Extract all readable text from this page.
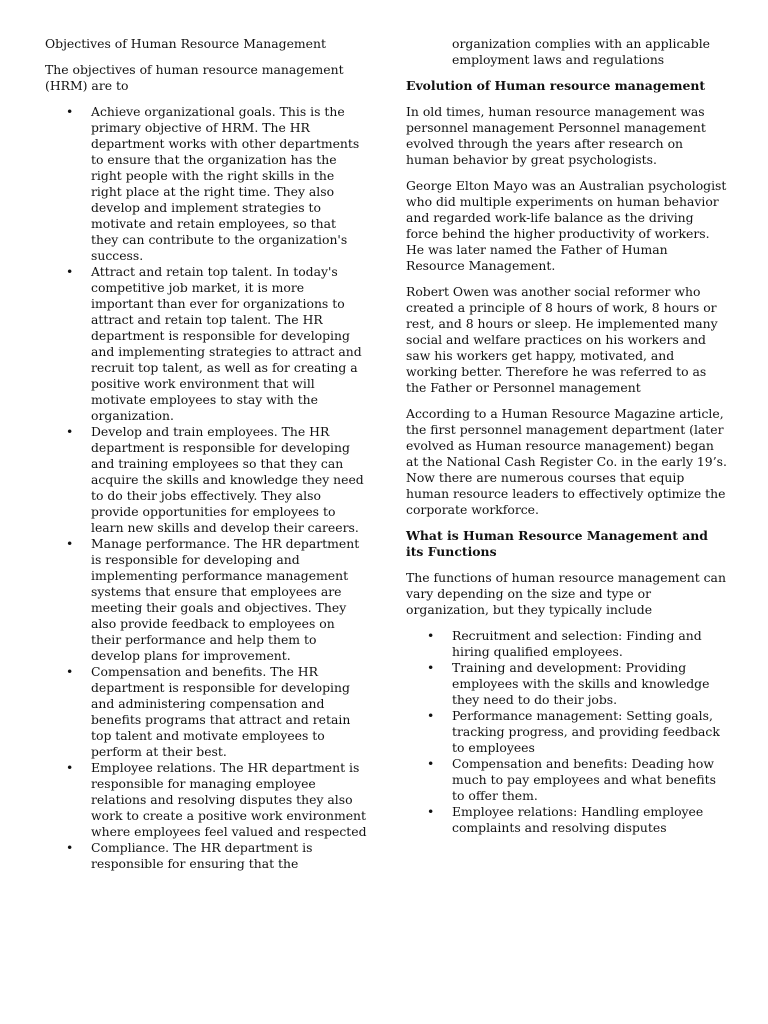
Objectives of Human Resource Management

The objectives of human resource management (HRM) are to

• Achieve organizational goals. This is the primary objective of HRM. The HR department works with other departments to ensure that the organization has the right people with the right skills in the right place at the right time. They also develop and implement strategies to motivate and retain employees, so that they can contribute to the organization's success.
• Attract and retain top talent. In today's competitive job market, it is more important than ever for organizations to attract and retain top talent. The HR department is responsible for developing and implementing strategies to attract and recruit top talent, as well as for creating a positive work environment that will motivate employees to stay with the organization.
• Develop and train employees. The HR department is responsible for developing and training employees so that they can acquire the skills and knowledge they need to do their jobs effectively. They also provide opportunities for employees to learn new skills and develop their careers.
• Manage performance. The HR department is responsible for developing and implementing performance management systems that ensure that employees are meeting their goals and objectives. They also provide feedback to employees on their performance and help them to develop plans for improvement.
• Compensation and benefits. The HR department is responsible for developing and administering compensation and benefits programs that attract and retain top talent and motivate employees to perform at their best.
• Employee relations. The HR department is responsible for managing employee relations and resolving disputes they also work to create a positive work environment where employees feel valued and respected
• Compliance. The HR department is responsible for ensuring that the

organization complies with an applicable employment laws and regulations

Evolution of Human resource management

In old times, human resource management was personnel management Personnel management evolved through the years after research on human behavior by great psychologists.

George Elton Mayo was an Australian psychologist who did multiple experiments on human behavior and regarded work-life balance as the driving force behind the higher productivity of workers. He was later named the Father of Human Resource Management.

Robert Owen was another social reformer who created a principle of 8 hours of work, 8 hours or rest, and 8 hours or sleep. He implemented many social and welfare practices on his workers and saw his workers get happy, motivated, and working better. Therefore he was referred to as the Father or Personnel management

According to a Human Resource Magazine article, the first personnel management department (later evolved as Human resource management) began at the National Cash Register Co. in the early 19’s. Now there are numerous courses that equip human resource leaders to effectively optimize the corporate workforce.

What is Human Resource Management and its Functions

The functions of human resource management can vary depending on the size and type or organization, but they typically include

• Recruitment and selection: Finding and hiring qualified employees.
• Training and development: Providing employees with the skills and knowledge they need to do their jobs.
• Performance management: Setting goals, tracking progress, and providing feedback to employees
• Compensation and benefits: Deading how much to pay employees and what benefits to offer them.
• Employee relations: Handling employee complaints and resolving disputes
